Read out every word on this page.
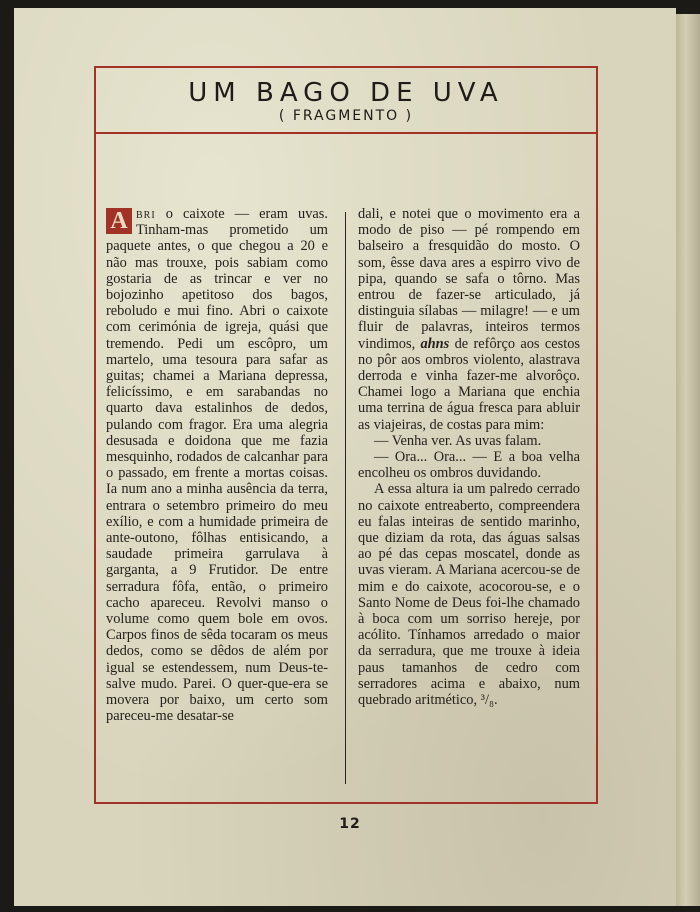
UM BAGO DE UVA
( FRAGMENTO )

A bri o caixote — eram uvas. Tinham-mas prometido um paquete antes, o que chegou a 20 e não mas trouxe, pois sabiam como gostaria de as trincar e ver no bojozinho apetitoso dos bagos, reboludo e mui fino. Abri o caixote com cerimónia de igreja, quási que tremendo. Pedi um escôpro, um martelo, uma tesoura para safar as guitas; chamei a Mariana depressa, felicíssimo, e em sarabandas no quarto dava estalinhos de dedos, pulando com fragor. Era uma alegria desusada e doidona que me fazia mesquinho, rodados de calcanhar para o passado, em frente a mortas coisas. Ia num ano a minha ausência da terra, entrara o setembro primeiro do meu exílio, e com a humidade primeira de ante-outono, fôlhas entisicando, a saudade primeira garrulava à garganta, a 9 Frutidor. De entre serradura fôfa, então, o primeiro cacho apareceu. Revolvi manso o volume como quem bole em ovos. Carpos finos de sêda tocaram os meus dedos, como se dêdos de além por igual se estendessem, num Deus-te-salve mudo. Parei. O quer-que-era se movera por baixo, um certo som pareceu-me desatar-se

dali, e notei que o movimento era a modo de piso — pé rompendo em balseiro a fresquidão do mosto. O som, êsse dava ares a espirro vivo de pipa, quando se safa o tôrno. Mas entrou de fazer-se articulado, já distinguia sílabas — milagre! — e um fluir de palavras, inteiros termos vindimos, ahns de refôrço aos cestos no pôr aos ombros violento, alastrava derroda e vinha fazer-me alvorôço. Chamei logo a Mariana que enchia uma terrina de água fresca para abluir as viajeiras, de costas para mim:

— Venha ver. As uvas falam.

— Ora... Ora... — E a boa velha encolheu os ombros duvidando.

A essa altura ia um palredo cerrado no caixote entreaberto, compreendera eu falas inteiras de sentido marinho, que diziam da rota, das águas salsas ao pé das cepas moscatel, donde as uvas vieram. A Mariana acercou-se de mim e do caixote, acocorou-se, e o Santo Nome de Deus foi-lhe chamado à boca com um sorriso hereje, por acólito. Tínhamos arredado o maior da serradura, que me trouxe à ideia paus tamanhos de cedro com serradores acima e abaixo, num quebrado aritmético, ³/₈.

12
